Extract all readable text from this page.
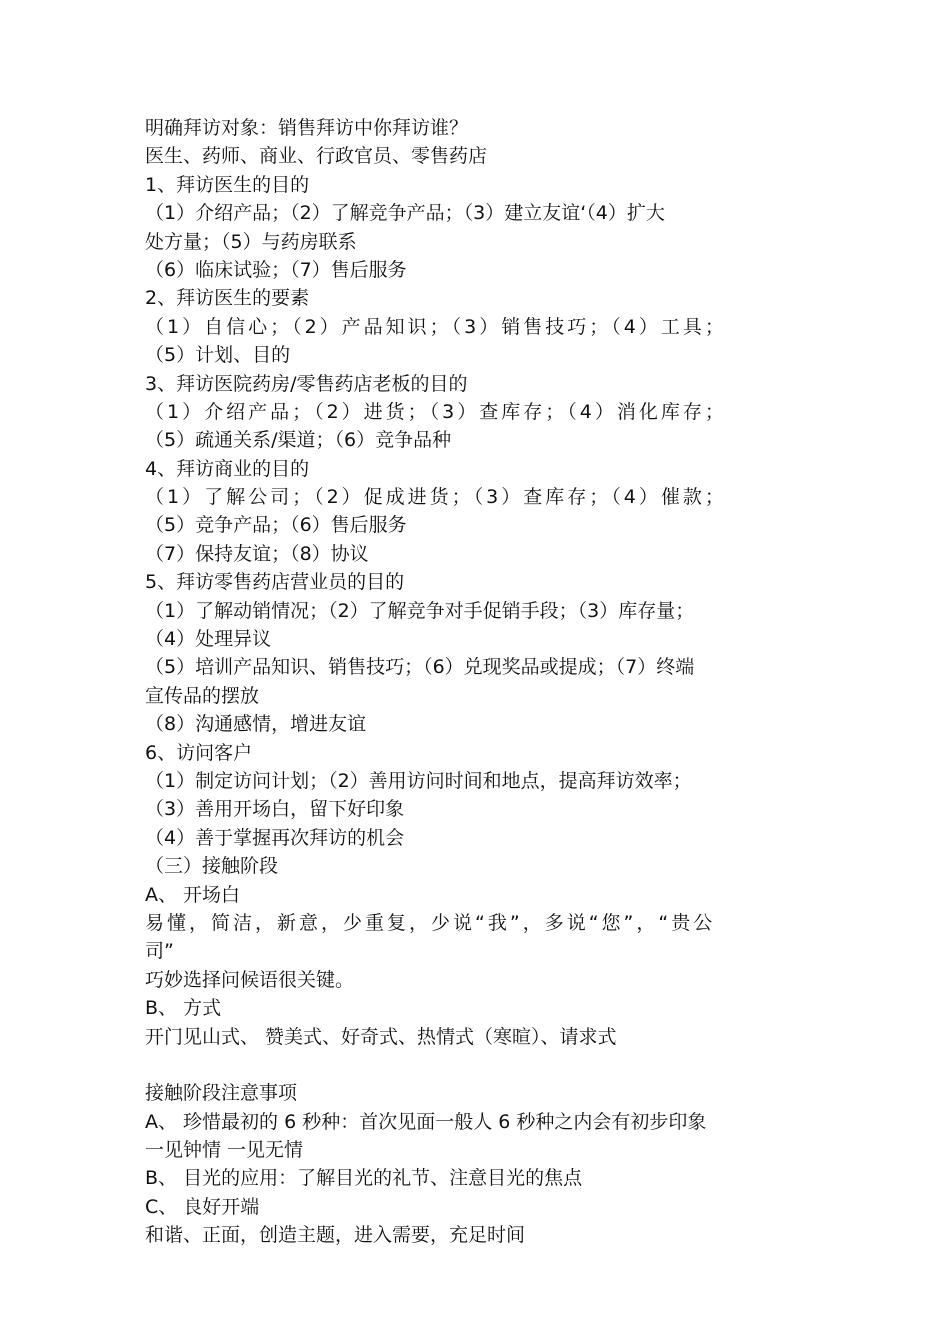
明确拜访对象：销售拜访中你拜访谁？

医生、药师、商业、行政官员、零售药店

1、拜访医生的目的

（1）介绍产品；（2）了解竞争产品；（3）建立友谊‘（4）扩大

处方量；（5）与药房联系

（6）临床试验；（7）售后服务

2、拜访医生的要素

（1）自信心；（2）产品知识；（3）销售技巧；（4）工具；

（5）计划、目的

3、拜访医院药房/零售药店老板的目的

（1）介绍产品；（2）进货；（3）查库存；（4）消化库存；

（5）疏通关系/渠道；（6）竞争品种

4、拜访商业的目的

（1）了解公司；（2）促成进货；（3）查库存；（4）催款；

（5）竞争产品；（6）售后服务

（7）保持友谊；（8）协议

5、拜访零售药店营业员的目的

（1）了解动销情况；（2）了解竞争对手促销手段；（3）库存量；

（4）处理异议

（5）培训产品知识、销售技巧；（6）兑现奖品或提成；（7）终端

宣传品的摆放

（8）沟通感情，增进友谊

6、访问客户

（1）制定访问计划；（2）善用访问时间和地点，提高拜访效率；

（3）善用开场白，留下好印象

（4）善于掌握再次拜访的机会

（三）接触阶段

A、 开场白

易懂，简洁，新意，少重复，少说“我”，多说“您”，“贵公

司”

巧妙选择问候语很关键。

B、 方式

开门见山式、 赞美式、好奇式、热情式（寒暄）、请求式

接触阶段注意事项

A、 珍惜最初的 6 秒种：首次见面一般人 6 秒种之内会有初步印象

一见钟情 一见无情

B、 目光的应用：了解目光的礼节、注意目光的焦点

C、 良好开端

和谐、正面，创造主题，进入需要，充足时间
